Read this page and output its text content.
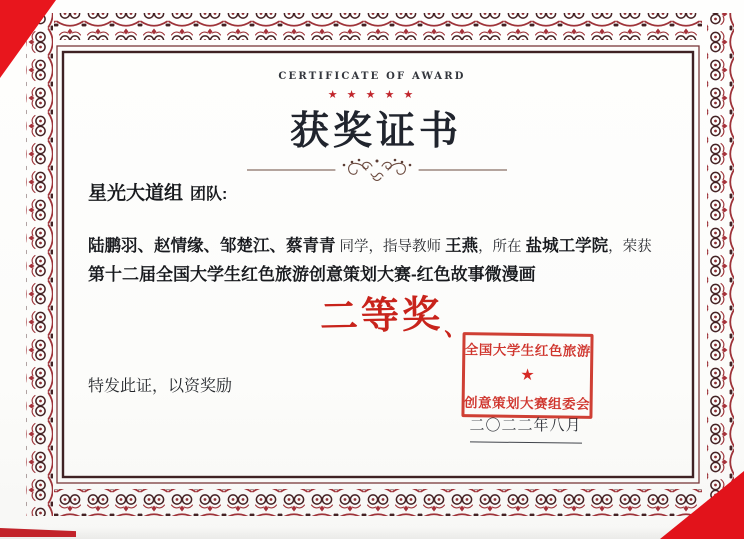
CERTIFICATE OF AWARD
★ ★ ★ ★ ★
获奖证书
星光大道组 团队:

陆鹏羽、赵情缘、邹楚江、蔡青青 同学，指导教师 王燕，所在 盐城工学院，荣获

第十二届全国大学生红色旅游创意策划大赛-红色故事微漫画

二等奖、
特发此证，以资奖励
全国大学生红色旅游
★
创意策划大赛组委会
二〇二二年八月
